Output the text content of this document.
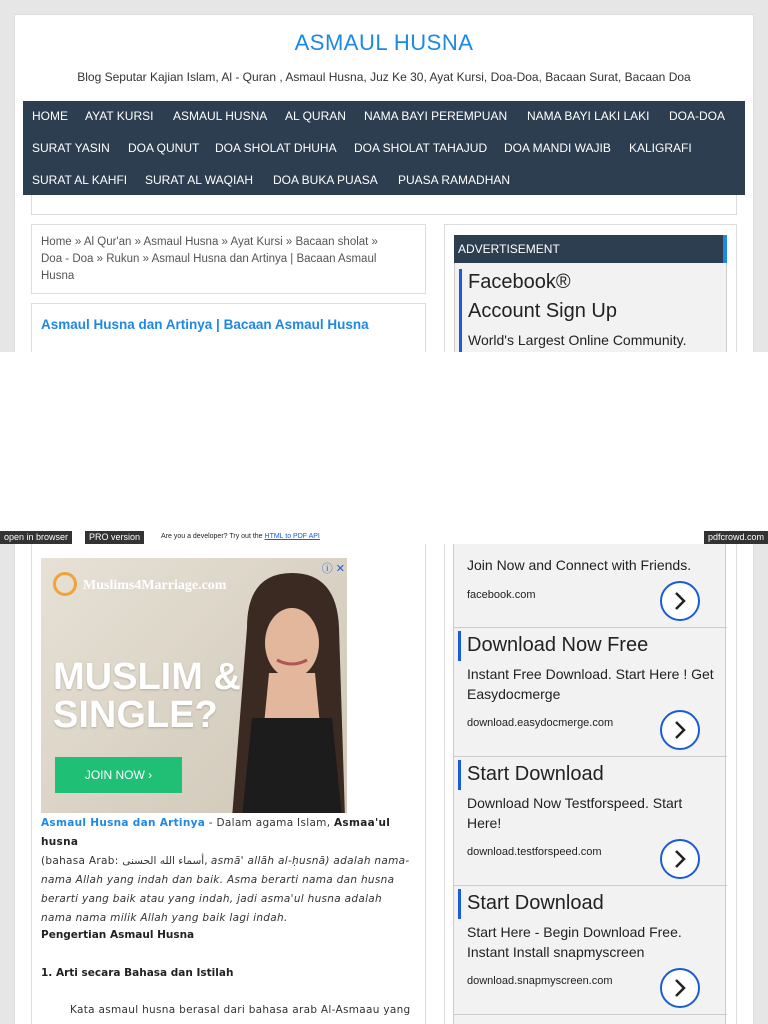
ASMAUL HUSNA
Blog Seputar Kajian Islam, Al - Quran , Asmaul Husna, Juz Ke 30, Ayat Kursi, Doa-Doa, Bacaan Surat, Bacaan Doa
HOME AYAT KURSI ASMAUL HUSNA AL QURAN NAMA BAYI PEREMPUAN NAMA BAYI LAKI LAKI DOA-DOA
SURAT YASIN DOA QUNUT DOA SHOLAT DHUHA DOA SHOLAT TAHAJUD DOA MANDI WAJIB KALIGRAFI
SURAT AL KAHFI SURAT AL WAQIAH DOA BUKA PUASA PUASA RAMADHAN
Home » Al Qur'an » Asmaul Husna » Ayat Kursi » Bacaan sholat »
Doa - Doa » Rukun » Asmaul Husna dan Artinya | Bacaan Asmaul
Husna
Asmaul Husna dan Artinya | Bacaan Asmaul Husna
ADVERTISEMENT
Facebook®
Account Sign Up
World's Largest Online Community.
open in browser	PRO version	Are you a developer? Try out the HTML to PDF API	pdfcrowd.com
Muslims4Marriage.com
MUSLIM &
SINGLE?
JOIN NOW ›
ⓘ ✕
Asmaul Husna dan Artinya - Dalam agama Islam, Asmaa'ul husna
(bahasa Arab: أسماء الله الحسنى, asmā' allāh al-ḥusnā) adalah nama-nama Allah yang indah dan baik. Asma berarti nama dan husna berarti yang baik atau yang indah, jadi asma'ul husna adalah nama nama milik Allah yang baik lagi indah.
Pengertian Asmaul Husna
1. Arti secara Bahasa dan Istilah
Kata asmaul husna berasal dari bahasa arab Al-Asmaau yang
Join Now and Connect with Friends.
facebook.com
Download Now Free
Instant Free Download. Start Here ! Get Easydocmerge
download.easydocmerge.com
Start Download
Download Now Testforspeed. Start Here!
download.testforspeed.com
Start Download
Start Here - Begin Download Free. Instant Install snapmyscreen
download.snapmyscreen.com
